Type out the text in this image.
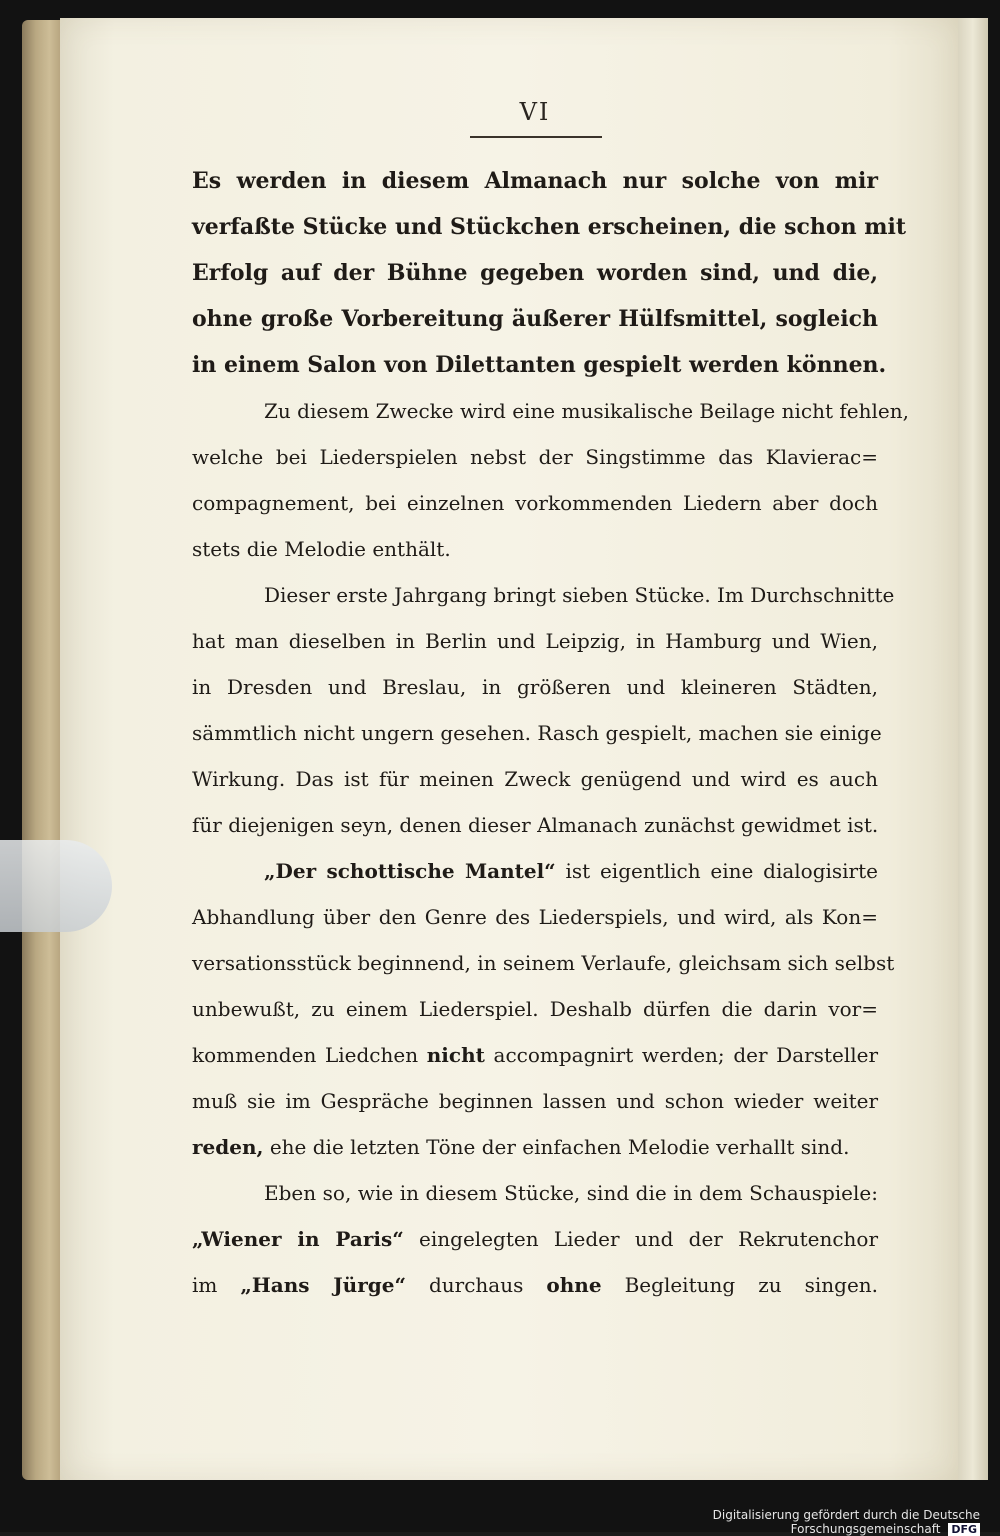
VI
Es werden in diesem Almanach nur solche von mir
verfaßte Stücke und Stückchen erscheinen, die schon mit
Erfolg auf der Bühne gegeben worden sind, und die,
ohne große Vorbereitung äußerer Hülfsmittel, sogleich
in einem Salon von Dilettanten gespielt werden können.
Zu diesem Zwecke wird eine musikalische Beilage nicht fehlen,
welche bei Liederspielen nebst der Singstimme das Klavierac=
compagnement, bei einzelnen vorkommenden Liedern aber doch
stets die Melodie enthält.
Dieser erste Jahrgang bringt sieben Stücke. Im Durchschnitte
hat man dieselben in Berlin und Leipzig, in Hamburg und Wien,
in Dresden und Breslau, in größeren und kleineren Städten,
sämmtlich nicht ungern gesehen. Rasch gespielt, machen sie einige
Wirkung. Das ist für meinen Zweck genügend und wird es auch
für diejenigen seyn, denen dieser Almanach zunächst gewidmet ist.
„Der schottische Mantel“ ist eigentlich eine dialogisirte
Abhandlung über den Genre des Liederspiels, und wird, als Kon=
versationsstück beginnend, in seinem Verlaufe, gleichsam sich selbst
unbewußt, zu einem Liederspiel. Deshalb dürfen die darin vor=
kommenden Liedchen nicht accompagnirt werden; der Darsteller
muß sie im Gespräche beginnen lassen und schon wieder weiter
reden, ehe die letzten Töne der einfachen Melodie verhallt sind.
Eben so, wie in diesem Stücke, sind die in dem Schauspiele:
„Wiener in Paris“ eingelegten Lieder und der Rekrutenchor
im „Hans Jürge“ durchaus ohne Begleitung zu singen.
Digitalisierung gefördert durch die Deutsche Forschungsgemeinschaft DFG
